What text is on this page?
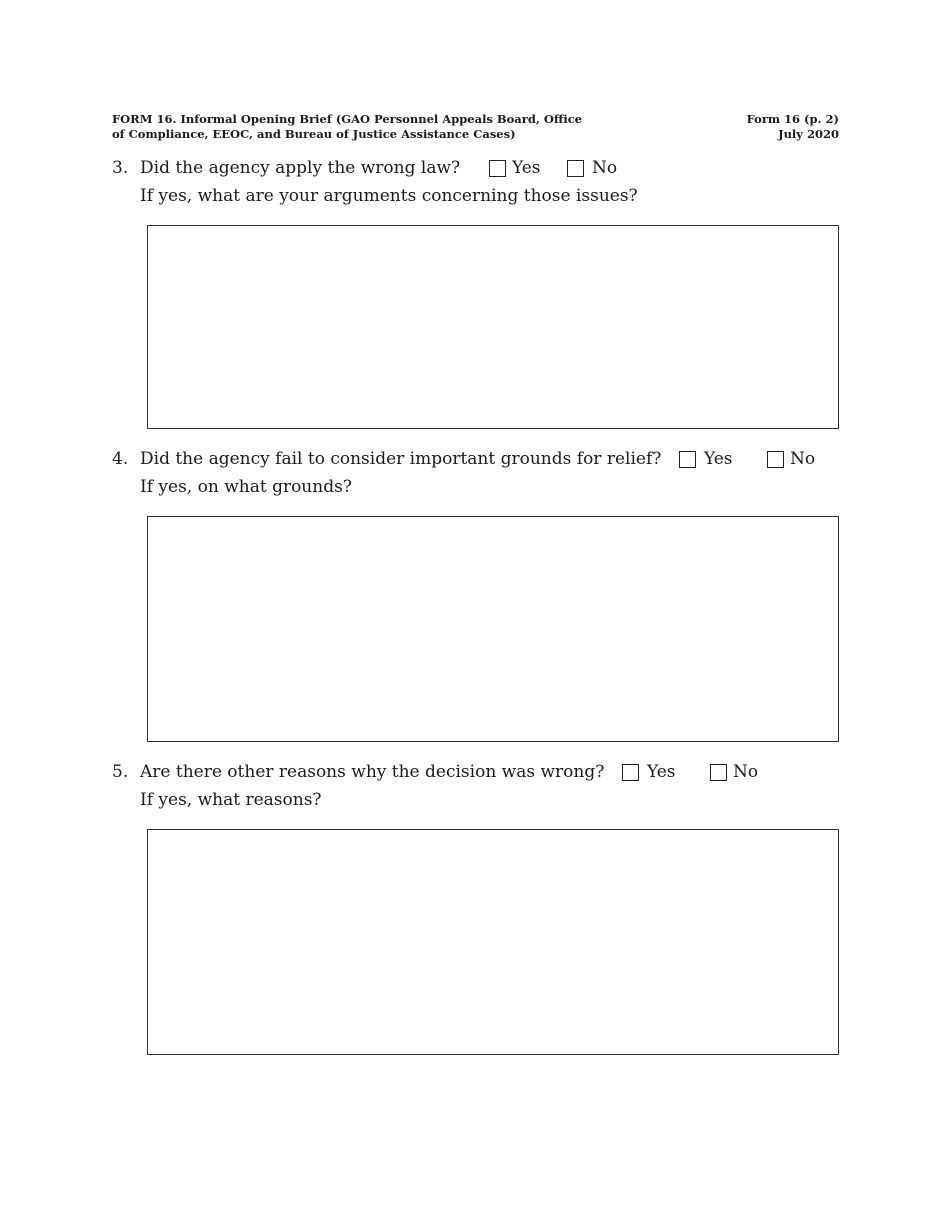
FORM 16. Informal Opening Brief (GAO Personnel Appeals Board, Office
of Compliance, EEOC, and Bureau of Justice Assistance Cases)
Form 16 (p. 2)
July 2020
3. Did the agency apply the wrong law?	Yes	No
If yes, what are your arguments concerning those issues?
4. Did the agency fail to consider important grounds for relief?	Yes	No
If yes, on what grounds?
5. Are there other reasons why the decision was wrong?	Yes	No
If yes, what reasons?
